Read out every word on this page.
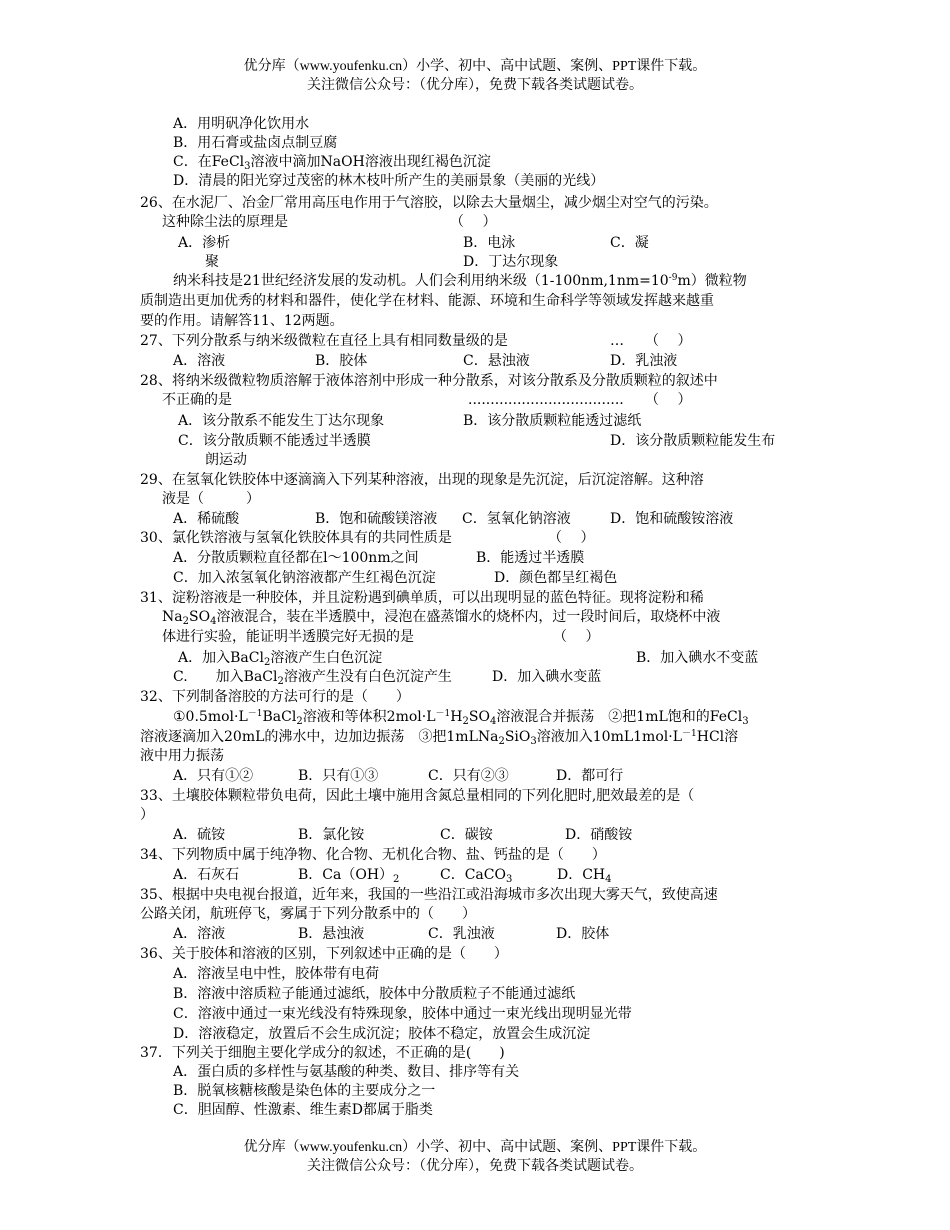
优分库（www.youfenku.cn）小学、初中、高中试题、案例、PPT课件下载。
关注微信公众号：（优分库），免费下载各类试题试卷。
A．用明矾净化饮用水
B．用石膏或盐卤点制豆腐
C．在FeCl$_3$溶液中滴加NaOH溶液出现红褐色沉淀
D．清晨的阳光穿过茂密的林木枝叶所产生的美丽景象（美丽的光线）
26、在水泥厂、冶金厂常用高压电作用于气溶胶，以除去大量烟尘，减少烟尘对空气的污染。
这种除尘法的原理是	（　 ）
A．渗析	B．电泳	C．凝
聚	D．丁达尔现象
纳米科技是21世纪经济发展的发动机。人们会利用纳米级$(1-100nm,1nm=10^{-9}m)$微粒物
质制造出更加优秀的材料和器件，使化学在材料、能源、环境和生命科学等领域发挥越来越重
要的作用。请解答11、12两题。
27、下列分散系与纳米级微粒在直径上具有相同数量级的是	… （　 ）
A．溶液	B．胶体	C．悬浊液	D．乳浊液
28、将纳米级微粒物质溶解于液体溶剂中形成一种分散系，对该分散系及分散质颗粒的叙述中
不正确的是	................................... （　 ）
A．该分散系不能发生丁达尔现象	B．该分散质颗粒能透过滤纸
C．该分散质颗不能透过半透膜	D．该分散质颗粒能发生布
朗运动
29、在氢氧化铁胶体中逐滴滴入下列某种溶液，出现的现象是先沉淀，后沉淀溶解。这种溶
液是（　　　）
A．稀硫酸	B．饱和硫酸镁溶液 C．氢氧化钠溶液	D．饱和硫酸铵溶液
30、氯化铁溶液与氢氧化铁胶体具有的共同性质是	（　 ）
A．分散质颗粒直径都在l～100nm之间	B．能透过半透膜
C．加入浓氢氧化钠溶液都产生红褐色沉淀	D．颜色都呈红褐色
31、淀粉溶液是一种胶体，并且淀粉遇到碘单质，可以出现明显的蓝色特征。现将淀粉和稀
$Na_2SO_4$溶液混合，装在半透膜中，浸泡在盛蒸馏水的烧杯内，过一段时间后，取烧杯中液
体进行实验，能证明半透膜完好无损的是	（　 ）
A．加入BaCl$_2$溶液产生白色沉淀	B．加入碘水不变蓝
C.　　加入BaCl$_2$溶液产生没有白色沉淀产生	D．加入碘水变蓝
32、下列制备溶胶的方法可行的是（　　）
$①0.5mol\cdot L^{-1}BaCl_2$溶液和等体积$2mol\cdot L^{-1}H_2SO_4$溶液混合并振荡　②把1mL饱和的FeCl$_3$
溶液逐滴加入20mL的沸水中，边加边振荡　③把1mLNa$_2$SiO$_3$溶液加入$10mL1mol\cdot L^{-1}HCl$溶
液中用力振荡
A．只有①②	B．只有①③	C．只有②③	D．都可行
33、土壤胶体颗粒带负电荷，因此土壤中施用含氮总量相同的下列化肥时,肥效最差的是（
）
A．硫铵	B．氯化铵	C．碳铵	D．硝酸铵
34、下列物质中属于纯净物、化合物、无机化合物、盐、钙盐的是（　　）
A．石灰石	B．$Ca(OH)_2$	C．CaCO$_3$	D．$CH_4$
35、根据中央电视台报道，近年来，我国的一些沿江或沿海城市多次出现大雾天气，致使高速
公路关闭，航班停飞，雾属于下列分散系中的（　　）
A．溶液	B．悬浊液	C．乳浊液	D．胶体
36、关于胶体和溶液的区别，下列叙述中正确的是（　　）
A．溶液呈电中性，胶体带有电荷
B．溶液中溶质粒子能通过滤纸，胶体中分散质粒子不能通过滤纸
C．溶液中通过一束光线没有特殊现象，胶体中通过一束光线出现明显光带
D．溶液稳定，放置后不会生成沉淀；胶体不稳定，放置会生成沉淀
37．下列关于细胞主要化学成分的叙述，不正确的是(　　)
A．蛋白质的多样性与氨基酸的种类、数目、排序等有关
B．脱氧核糖核酸是染色体的主要成分之一
C．胆固醇、性激素、维生素D都属于脂类
优分库（www.youfenku.cn）小学、初中、高中试题、案例、PPT课件下载。
关注微信公众号：（优分库），免费下载各类试题试卷。
